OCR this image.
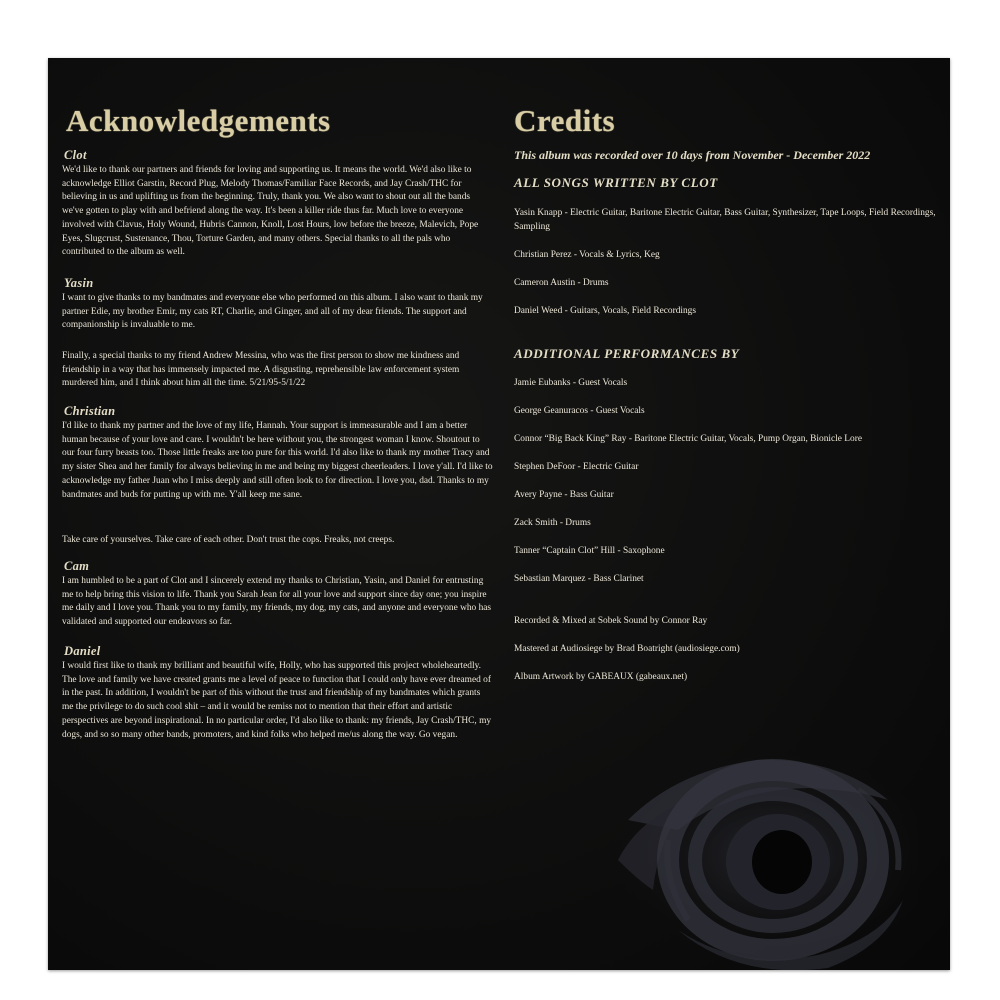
Acknowledgements
Clot

We'd like to thank our partners and friends for loving and supporting us. It means the world. We'd also like to acknowledge Elliot Garstin, Record Plug, Melody Thomas/Familiar Face Records, and Jay Crash/THC for believing in us and uplifting us from the beginning. Truly, thank you. We also want to shout out all the bands we've gotten to play with and befriend along the way. It's been a killer ride thus far. Much love to everyone involved with Clavus, Holy Wound, Hubris Cannon, Knoll, Lost Hours, low before the breeze, Malevich, Pope Eyes, Slugcrust, Sustenance, Thou, Torture Garden, and many others. Special thanks to all the pals who contributed to the album as well.

Yasin

I want to give thanks to my bandmates and everyone else who performed on this album. I also want to thank my partner Edie, my brother Emir, my cats RT, Charlie, and Ginger, and all of my dear friends. The support and companionship is invaluable to me.

Finally, a special thanks to my friend Andrew Messina, who was the first person to show me kindness and friendship in a way that has immensely impacted me. A disgusting, reprehensible law enforcement system murdered him, and I think about him all the time. 5/21/95-5/1/22

Christian

I'd like to thank my partner and the love of my life, Hannah. Your support is immeasurable and I am a better human because of your love and care. I wouldn't be here without you, the strongest woman I know. Shoutout to our four furry beasts too. Those little freaks are too pure for this world. I'd also like to thank my mother Tracy and my sister Shea and her family for always believing in me and being my biggest cheerleaders. I love y'all. I'd like to acknowledge my father Juan who I miss deeply and still often look to for direction. I love you, dad. Thanks to my bandmates and buds for putting up with me. Y'all keep me sane.

Take care of yourselves. Take care of each other. Don't trust the cops. Freaks, not creeps.

Cam

I am humbled to be a part of Clot and I sincerely extend my thanks to Christian, Yasin, and Daniel for entrusting me to help bring this vision to life. Thank you Sarah Jean for all your love and support since day one; you inspire me daily and I love you. Thank you to my family, my friends, my dog, my cats, and anyone and everyone who has validated and supported our endeavors so far.

Daniel

I would first like to thank my brilliant and beautiful wife, Holly, who has supported this project wholeheartedly. The love and family we have created grants me a level of peace to function that I could only have ever dreamed of in the past. In addition, I wouldn't be part of this without the trust and friendship of my bandmates which grants me the privilege to do such cool shit – and it would be remiss not to mention that their effort and artistic perspectives are beyond inspirational. In no particular order, I'd also like to thank: my friends, Jay Crash/THC, my dogs, and so so many other bands, promoters, and kind folks who helped me/us along the way. Go vegan.

Credits
This album was recorded over 10 days from November - December 2022
ALL SONGS WRITTEN BY CLOT
Yasin Knapp - Electric Guitar, Baritone Electric Guitar, Bass Guitar, Synthesizer, Tape Loops, Field Recordings, Sampling
Christian Perez - Vocals & Lyrics, Keg
Cameron Austin - Drums
Daniel Weed - Guitars, Vocals, Field Recordings
ADDITIONAL PERFORMANCES BY
Jamie Eubanks - Guest Vocals
George Geanuracos - Guest Vocals
Connor “Big Back King” Ray - Baritone Electric Guitar, Vocals, Pump Organ, Bionicle Lore
Stephen DeFoor - Electric Guitar
Avery Payne - Bass Guitar
Zack Smith - Drums
Tanner “Captain Clot” Hill - Saxophone
Sebastian Marquez - Bass Clarinet
Recorded & Mixed at Sobek Sound by Connor Ray
Mastered at Audiosiege by Brad Boatright (audiosiege.com)
Album Artwork by GABEAUX (gabeaux.net)
